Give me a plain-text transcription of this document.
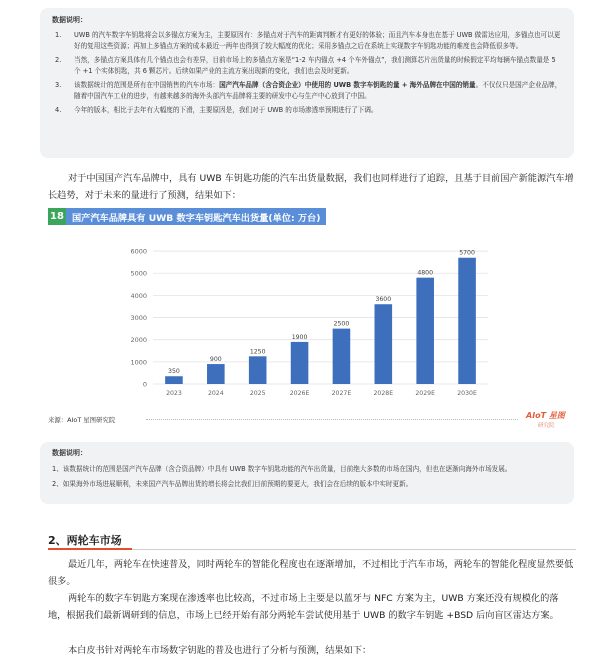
数据说明：
1.	UWB 的汽车数字车钥匙将会以多锚点方案为主，主要原因有：多锚点对于汽车的距离判断才有更好的体验；而且汽车本身也在基于 UWB 做雷达应用，多锚点也可以更好的复用这些资源；再加上多锚点方案的成本最近一两年也得到了较大幅度的优化；采用多锚点之后在系统上实现数字车钥匙功能的难度也会降低很多等。
2.	当然，多锚点方案具体有几个锚点也会有差异，目前市场上的多锚点方案是“1-2 车内锚点 +4 个车外锚点”，我们测算芯片出货量的时候假定平均每辆车锚点数量是 5 个 +1 个实体钥匙，共 6 颗芯片。后续如果产业的主流方案出现新的变化，我们也会及时更新。
3.	该数据统计的范围是所有在中国销售的汽车市场：国产汽车品牌（含合资企业）中使用的 UWB 数字车钥匙的量 + 海外品牌在中国的销量。不仅仅只是国产企业品牌，随着中国汽车工业的进步，有越来越多的海外头部汽车品牌将主要的研发中心与生产中心放到了中国。
4.	今年的版本，相比于去年有大幅度的下滑，主要原因是，我们对于 UWB 的市场渗透率预期进行了下调。
对于中国国产汽车品牌中，具有 UWB 车钥匙功能的汽车出货量数据，我们也同样进行了追踪，且基于目前国产新能源汽车增长趋势，对于未来的量进行了预测，结果如下：
18 国产汽车品牌具有 UWB 数字车钥匙汽车出货量(单位: 万台)
0
1000
2000
3000
4000
5000
6000
350
2023
900
2024
1250
2025
1900
2026E
2500
2027E
3600
2028E
4800
2029E
5700
2030E
来源：AIoT 星图研究院	AIoT 星图
研究院
数据说明：
1、该数据统计的范围是国产汽车品牌（含合资品牌）中具有 UWB 数字车钥匙功能的汽车出货量，目前绝大多数的市场在国内，但也在逐渐向海外市场发展。
2、如果海外市场进展顺利，未来国产汽车品牌出货的增长将会比我们目前预期的要更大，我们会在后续的版本中实时更新。
2、两轮车市场
最近几年，两轮车在快速普及，同时两轮车的智能化程度也在逐渐增加，不过相比于汽车市场，两轮车的智能化程度显然要低很多。
两轮车的数字车钥匙方案现在渗透率也比较高，不过市场上主要是以蓝牙与 NFC 方案为主，UWB 方案还没有规模化的落地，根据我们最新调研到的信息，市场上已经开始有部分两轮车尝试使用基于 UWB 的数字车钥匙 +BSD 后向盲区雷达方案。
本白皮书针对两轮车市场数字钥匙的普及也进行了分析与预测，结果如下：
